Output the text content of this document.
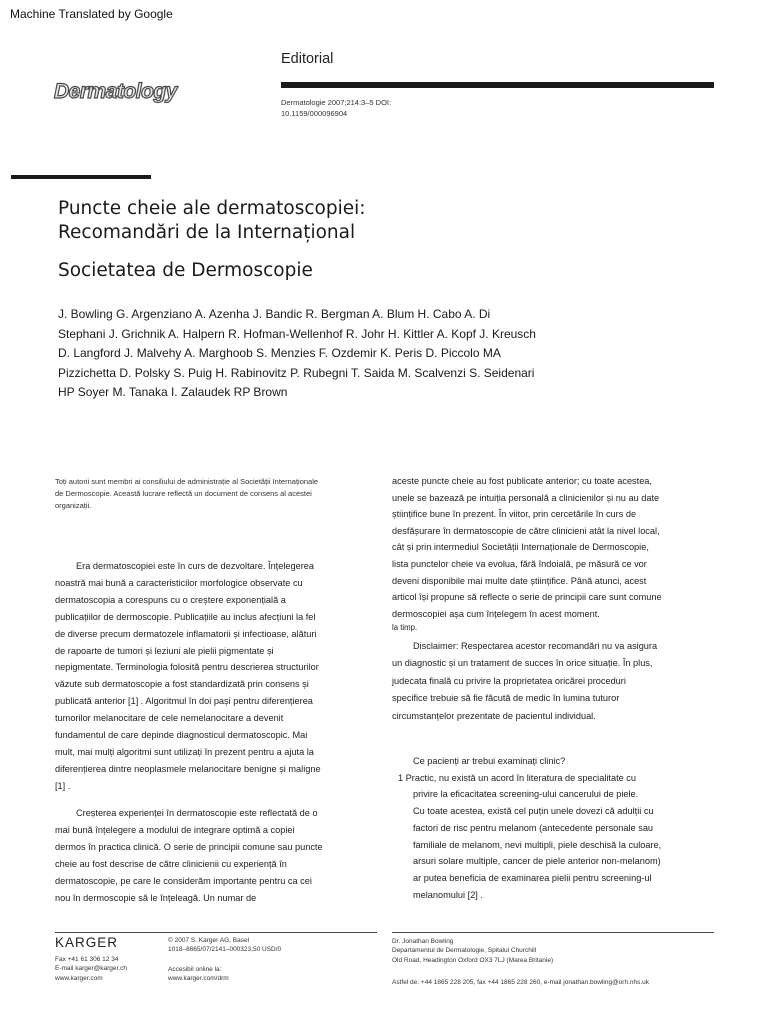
Machine Translated by Google
Editorial
Dermatology	Dermatologie 2007;214:3–5 DOI:
10.1159/000096904
Puncte cheie ale dermatoscopiei:
Recomandări de la Internațional
Societatea de Dermoscopie
J. Bowling G. Argenziano A. Azenha J. Bandic R. Bergman A. Blum H. Cabo A. Di
Stephani J. Grichnik A. Halpern R. Hofman-Wellenhof R. Johr H. Kittler A. Kopf J. Kreusch
D. Langford J. Malvehy A. Marghoob S. Menzies F. Ozdemir K. Peris D. Piccolo MA
Pizzichetta D. Polsky S. Puig H. Rabinovitz P. Rubegni T. Saida M. Scalvenzi S. Seidenari
HP Soyer M. Tanaka I. Zalaudek RP Brown
Toți autorii sunt membri ai consiliului de administrație al Societății Internaționale
de Dermoscopie. Această lucrare reflectă un document de consens al acestei
organizații.
Era dermatoscopiei este în curs de dezvoltare. Înțelegerea
noastră mai bună a caracteristicilor morfologice observate cu
dermatoscopia a corespuns cu o creștere exponențială a
publicațiilor de dermoscopie. Publicațiile au inclus afecțiuni la fel
de diverse precum dermatozele inflamatorii și infectioase, alături
de rapoarte de tumori și leziuni ale pielii pigmentate și
nepigmentate. Terminologia folosită pentru descrierea structurilor
văzute sub dermatoscopie a fost standardizată prin consens și
publicată anterior [1] . Algoritmul în doi pași pentru diferențierea
tumorilor melanocitare de cele nemelanocitare a devenit
fundamentul de care depinde diagnosticul dermatoscopic. Mai
mult, mai mulți algoritmi sunt utilizați în prezent pentru a ajuta la
diferențierea dintre neoplasmele melanocitare benigne și maligne
[1] .
Creșterea experienței în dermatoscopie este reflectată de o
mai bună înțelegere a modului de integrare optimă a copiei
dermos în practica clinică. O serie de principii comune sau puncte
cheie au fost descrise de către clinicienii cu experiență în
dermatoscopie, pe care le considerăm importante pentru ca cei
nou în dermoscopie să le înțeleagă. Un numar de
aceste puncte cheie au fost publicate anterior; cu toate acestea,
unele se bazează pe intuiția personală a clinicienilor și nu au date
științifice bune în prezent. În viitor, prin cercetările în curs de
desfășurare în dermatoscopie de către clinicieni atât la nivel local,
cât și prin intermediul Societății Internaționale de Dermoscopie,
lista punctelor cheie va evolua, fără îndoială, pe măsură ce vor
deveni disponibile mai multe date științifice. Până atunci, acest
articol își propune să reflecte o serie de principii care sunt comune
dermoscopiei așa cum înțelegem în acest moment.
la timp.
Disclaimer: Respectarea acestor recomandări nu va asigura
un diagnostic și un tratament de succes în orice situație. În plus,
judecata finală cu privire la proprietatea oricărei proceduri
specifice trebuie să fie făcută de medic în lumina tuturor
circumstanțelor prezentate de pacientul individual.
Ce pacienți ar trebui examinați clinic?
1 Practic, nu există un acord în literatura de specialitate cu
privire la eficacitatea screening-ului cancerului de piele.
Cu toate acestea, există cel puțin unele dovezi că adulții cu
factori de risc pentru melanom (antecedente personale sau
familiale de melanom, nevi multipli, piele deschisă la culoare,
arsuri solare multiple, cancer de piele anterior non-melanom)
ar putea beneficia de examinarea pielii pentru screening-ul
melanomului [2] .
KARGER
Fax +41 61 306 12 34
E-mail karger@karger.ch
www.karger.com
© 2007 S. Karger AG, Basel
1018–8665/07/2141–000323,50 USD/0
Accesibil online la:
www.karger.com/drm
Dr. Jonathan Bowling
Departamentul de Dermatologie, Spitalul Churchill
Old Road, Headington Oxford OX3 7LJ (Marea Britanie)
Astfel de. +44 1865 228 205, fax +44 1865 228 260, e-mail jonathan.bowling@orh.nhs.uk
